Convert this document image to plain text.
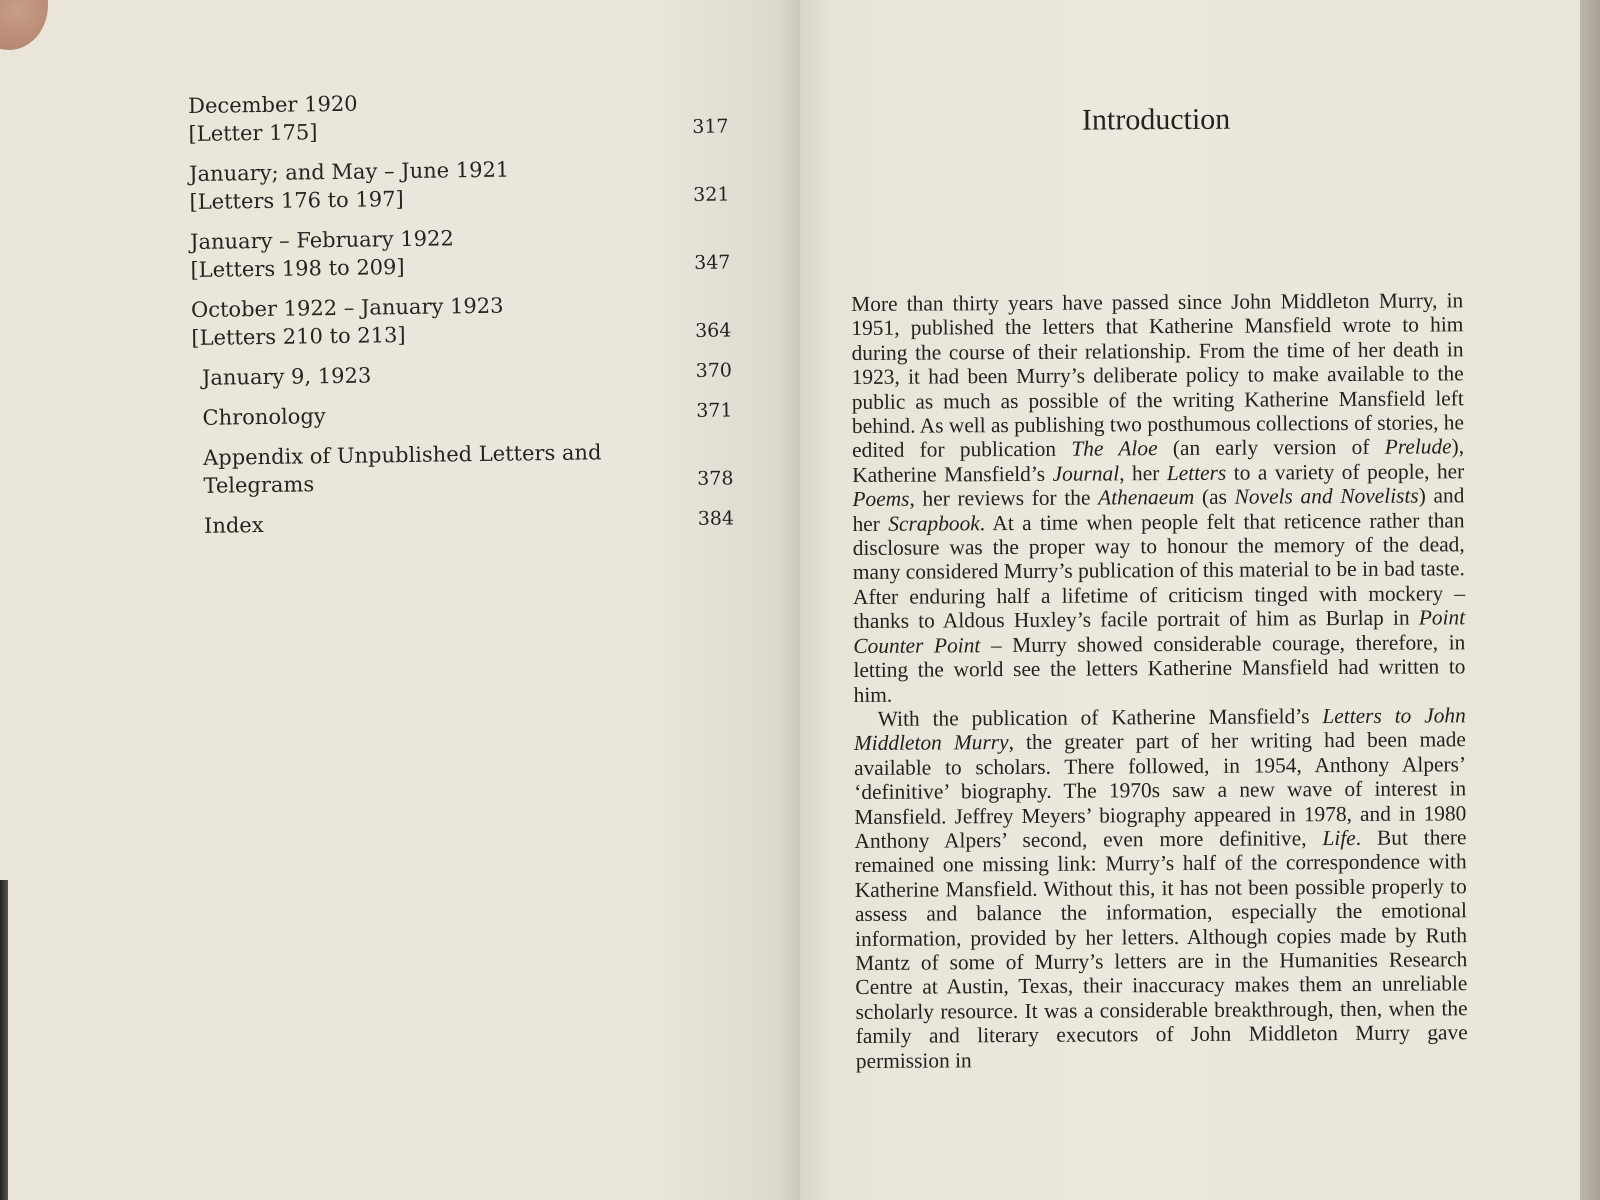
December 1920
[Letter 175]	317
January; and May – June 1921
[Letters 176 to 197]	321
January – February 1922
[Letters 198 to 209]	347
October 1922 – January 1923
[Letters 210 to 213]	364
January 9, 1923	370
Chronology	371
Appendix of Unpublished Letters and Telegrams	378
Index	384
Introduction

More than thirty years have passed since John Middleton Murry, in 1951, published the letters that Katherine Mansfield wrote to him during the course of their relationship. From the time of her death in 1923, it had been Murry’s deliberate policy to make available to the public as much as possible of the writing Katherine Mansfield left behind. As well as publishing two posthumous collections of stories, he edited for publication The Aloe (an early version of Prelude), Katherine Mansfield’s Journal, her Letters to a variety of people, her Poems, her reviews for the Athenaeum (as Novels and Novelists) and her Scrapbook. At a time when people felt that reticence rather than disclosure was the proper way to honour the memory of the dead, many considered Murry’s publication of this material to be in bad taste. After enduring half a lifetime of criticism tinged with mockery – thanks to Aldous Huxley’s facile portrait of him as Burlap in Point Counter Point – Murry showed considerable courage, therefore, in letting the world see the letters Katherine Mansfield had written to him.

With the publication of Katherine Mansfield’s Letters to John Middleton Murry, the greater part of her writing had been made available to scholars. There followed, in 1954, Anthony Alpers’ ‘definitive’ biography. The 1970s saw a new wave of interest in Mansfield. Jeffrey Meyers’ biography appeared in 1978, and in 1980 Anthony Alpers’ second, even more definitive, Life. But there remained one missing link: Murry’s half of the correspondence with Katherine Mansfield. Without this, it has not been possible properly to assess and balance the information, especially the emotional information, provided by her letters. Although copies made by Ruth Mantz of some of Murry’s letters are in the Humanities Research Centre at Austin, Texas, their inaccuracy makes them an unreliable scholarly resource. It was a considerable breakthrough, then, when the family and literary executors of John Middleton Murry gave permission in
